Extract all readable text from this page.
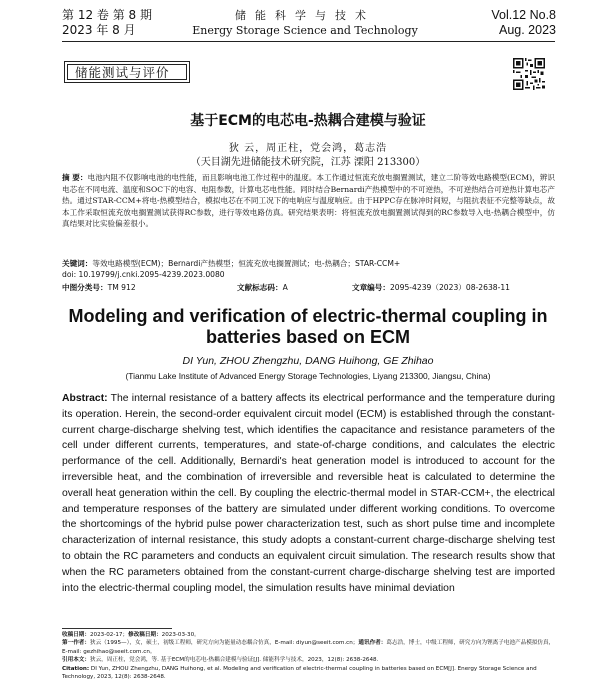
第 12 卷 第 8 期
2023 年 8 月
储能科学与技术
Energy Storage Science and Technology
Vol.12 No.8
Aug. 2023
储能测试与评价
基于ECM的电芯电-热耦合建模与验证
狄 云，周正柱，党会鸿，葛志浩
（天目湖先进储能技术研究院，江苏 溧阳 213300）
摘 要：电池内阻不仅影响电池的电性能，而且影响电池工作过程中的温度。本工作通过恒流充放电搁置测试，建立二阶等效电路模型(ECM)，辨识电芯在不同电流、温度和SOC下的电容、电阻参数，计算电芯电性能。同时结合Bernardi产热模型中的不可逆热，不可逆热结合可逆热计算电芯产热。通过STAR-CCM+将电-热模型结合，模拟电芯在不同工况下的电响应与温度响应。由于HPPC存在脉冲时间短，与阻抗表征不完整等缺点，故本工作采取恒流充放电搁置测试获得RC参数，进行等效电路仿真。研究结果表明：将恒流充放电搁置测试得到的RC参数导入电-热耦合模型中，仿真结果对比实验偏差很小。
关键词：等效电路模型(ECM)；Bernardi产热模型；恒流充放电搁置测试；电-热耦合；STAR-CCM+
doi: 10.19799/j.cnki.2095-4239.2023.0080
中图分类号： TM 912	文献标志码： A	文章编号： 2095-4239（2023）08-2638-11
Modeling and verification of electric-thermal coupling in batteries based on ECM
DI Yun, ZHOU Zhengzhu, DANG Huihong, GE Zhihao
(Tianmu Lake Institute of Advanced Energy Storage Technologies, Liyang 213300, Jiangsu, China)
Abstract: The internal resistance of a battery affects its electrical performance and the temperature during its operation. Herein, the second-order equivalent circuit model (ECM) is established through the constant-current charge-discharge shelving test, which identifies the capacitance and resistance parameters of the cell under different currents, temperatures, and state-of-charge conditions, and calculates the electric performance of the cell. Additionally, Bernardi's heat generation model is introduced to account for the irreversible heat, and the combination of irreversible and reversible heat is calculated to determine the overall heat generation within the cell. By coupling the electric-thermal model in STAR-CCM+, the electrical and temperature responses of the battery are simulated under different working conditions. To overcome the shortcomings of the hybrid pulse power characterization test, such as short pulse time and incomplete characterization of internal resistance, this study adopts a constant-current charge-discharge shelving test to obtain the RC parameters and conducts an equivalent circuit simulation. The research results show that when the RC parameters obtained from the constant-current charge-discharge shelving test are imported into the electric-thermal coupling model, the simulation results have minimal deviation
收稿日期：2023-02-17；修改稿日期：2023-03-30。
第一作者：狄云（1995—），女，硕士，初级工程师，研究方向为能量动态耦合仿真，E-mail: diyun@seeit.com.cn；通讯作者：葛志浩，博士，中级工程师，研究方向为锂离子电池产品模拟仿真，E-mail: gezhihao@seeit.com.cn。
引用本文：狄云，周正柱，党会鸿，等. 基于ECM的电芯电-热耦合建模与验证[J]. 储能科学与技术，2023，12(8): 2638-2648.
Citation: DI Yun, ZHOU Zhengzhu, DANG Huihong, et al. Modeling and verification of electric-thermal coupling in batteries based on ECM[J]. Energy Storage Science and Technology, 2023, 12(8): 2638-2648.
